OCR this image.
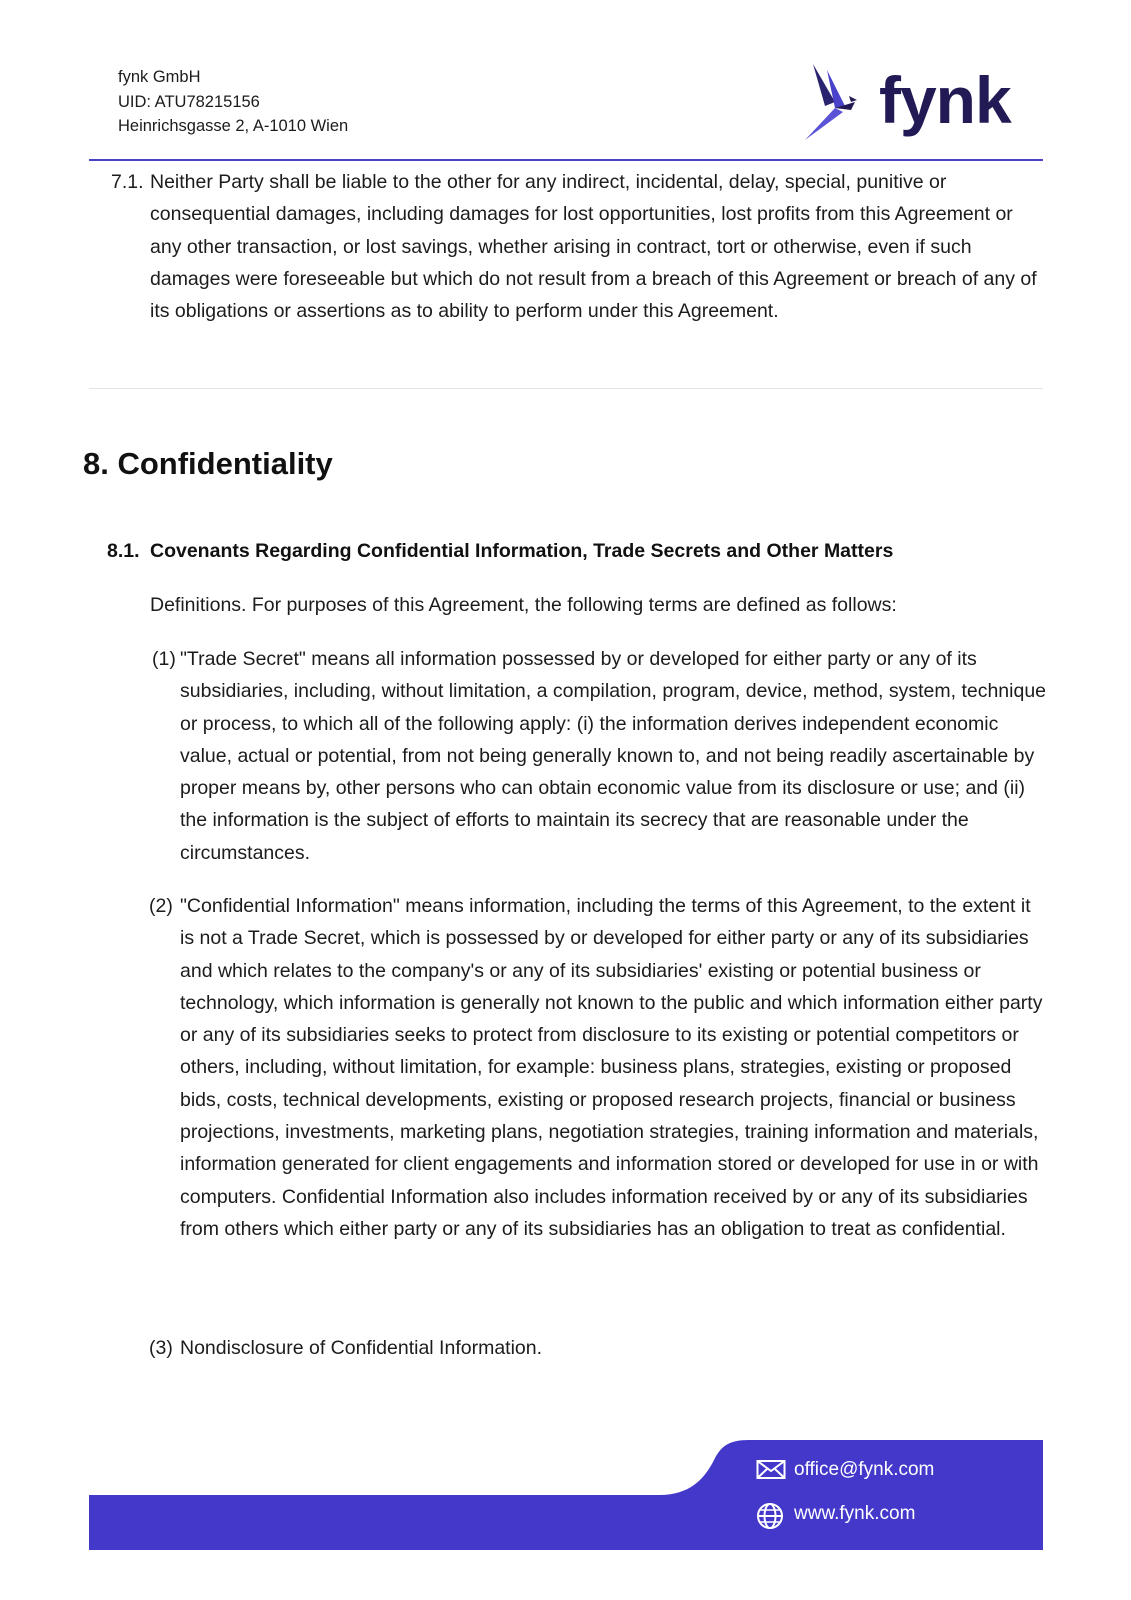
fynk GmbH
UID: ATU78215156
Heinrichsgasse 2, A-1010 Wien	fynk
7.1. Neither Party shall be liable to the other for any indirect, incidental, delay, special, punitive or consequential damages, including damages for lost opportunities, lost profits from this Agreement or any other transaction, or lost savings, whether arising in contract, tort or otherwise, even if such damages were foreseeable but which do not result from a breach of this Agreement or breach of any of its obligations or assertions as to ability to perform under this Agreement.
8. Confidentiality
8.1. Covenants Regarding Confidential Information, Trade Secrets and Other Matters
Definitions. For purposes of this Agreement, the following terms are defined as follows:
(1) "Trade Secret" means all information possessed by or developed for either party or any of its subsidiaries, including, without limitation, a compilation, program, device, method, system, technique or process, to which all of the following apply: (i) the information derives independent economic value, actual or potential, from not being generally known to, and not being readily ascertainable by proper means by, other persons who can obtain economic value from its disclosure or use; and (ii) the information is the subject of efforts to maintain its secrecy that are reasonable under the circumstances.
(2) "Confidential Information" means information, including the terms of this Agreement, to the extent it is not a Trade Secret, which is possessed by or developed for either party or any of its subsidiaries and which relates to the company's or any of its subsidiaries' existing or potential business or technology, which information is generally not known to the public and which information either party or any of its subsidiaries seeks to protect from disclosure to its existing or potential competitors or others, including, without limitation, for example: business plans, strategies, existing or proposed bids, costs, technical developments, existing or proposed research projects, financial or business projections, investments, marketing plans, negotiation strategies, training information and materials, information generated for client engagements and information stored or developed for use in or with computers. Confidential Information also includes information received by or any of its subsidiaries from others which either party or any of its subsidiaries has an obligation to treat as confidential.
(3) Nondisclosure of Confidential Information.
office@fynk.com
www.fynk.com
